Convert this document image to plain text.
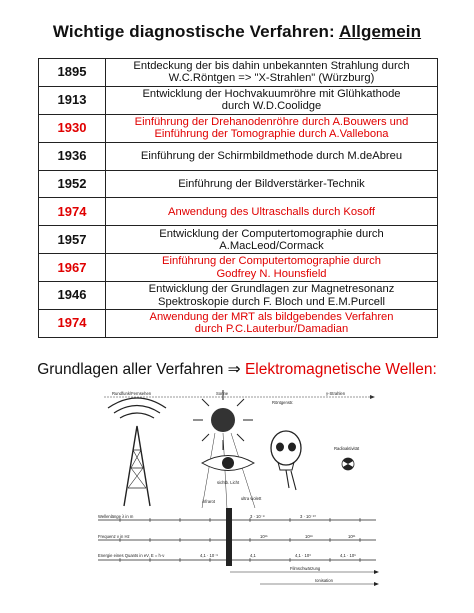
Wichtige diagnostische Verfahren: Allgemein
1895	Entdeckung der bis dahin unbekannten Strahlung durch
W.C.Röntgen => "X-Strahlen" (Würzburg)

1913	Entwicklung der Hochvakuumröhre mit Glühkathode
durch W.D.Coolidge

1930	Einführung der Drehanodenröhre durch A.Bouwers und
Einführung der Tomographie durch A.Vallebona

1936	Einführung der Schirmbildmethode durch M.deAbreu

1952	Einführung der Bildverstärker-Technik

1974	Anwendung des Ultraschalls durch Kosoff

1957	Entwicklung der Computertomographie durch
A.MacLeod/Cormack

1967	Einführung der Computertomographie durch
Godfrey N. Hounsfield

1946	Entwicklung der Grundlagen zur Magnetresonanz
Spektroskopie durch F. Bloch und E.M.Purcell

1974	Anwendung der MRT als bildgebendes Verfahren
durch P.C.Lauterbur/Damadian
Grundlagen aller Verfahren ⇒ Elektromagnetische Wellen:
Rundfunk/Fernsehen	Sonne
Röntgenstr.
γ-Strahlen
sichtb. Licht
infrarot
ultra violett
Radioaktivität
Wellenlänge λ in m	3 · 10⁻⁸	3 · 10⁻¹⁰
Frequenz ν in Hz	10¹⁵	10¹⁸	10²¹
Energie eines Quants in eV, E = h·ν	4,1 · 10⁻⁶	4,1	4,1 · 10³	4,1 · 10⁶
Filmschwärzung
Ionisation
